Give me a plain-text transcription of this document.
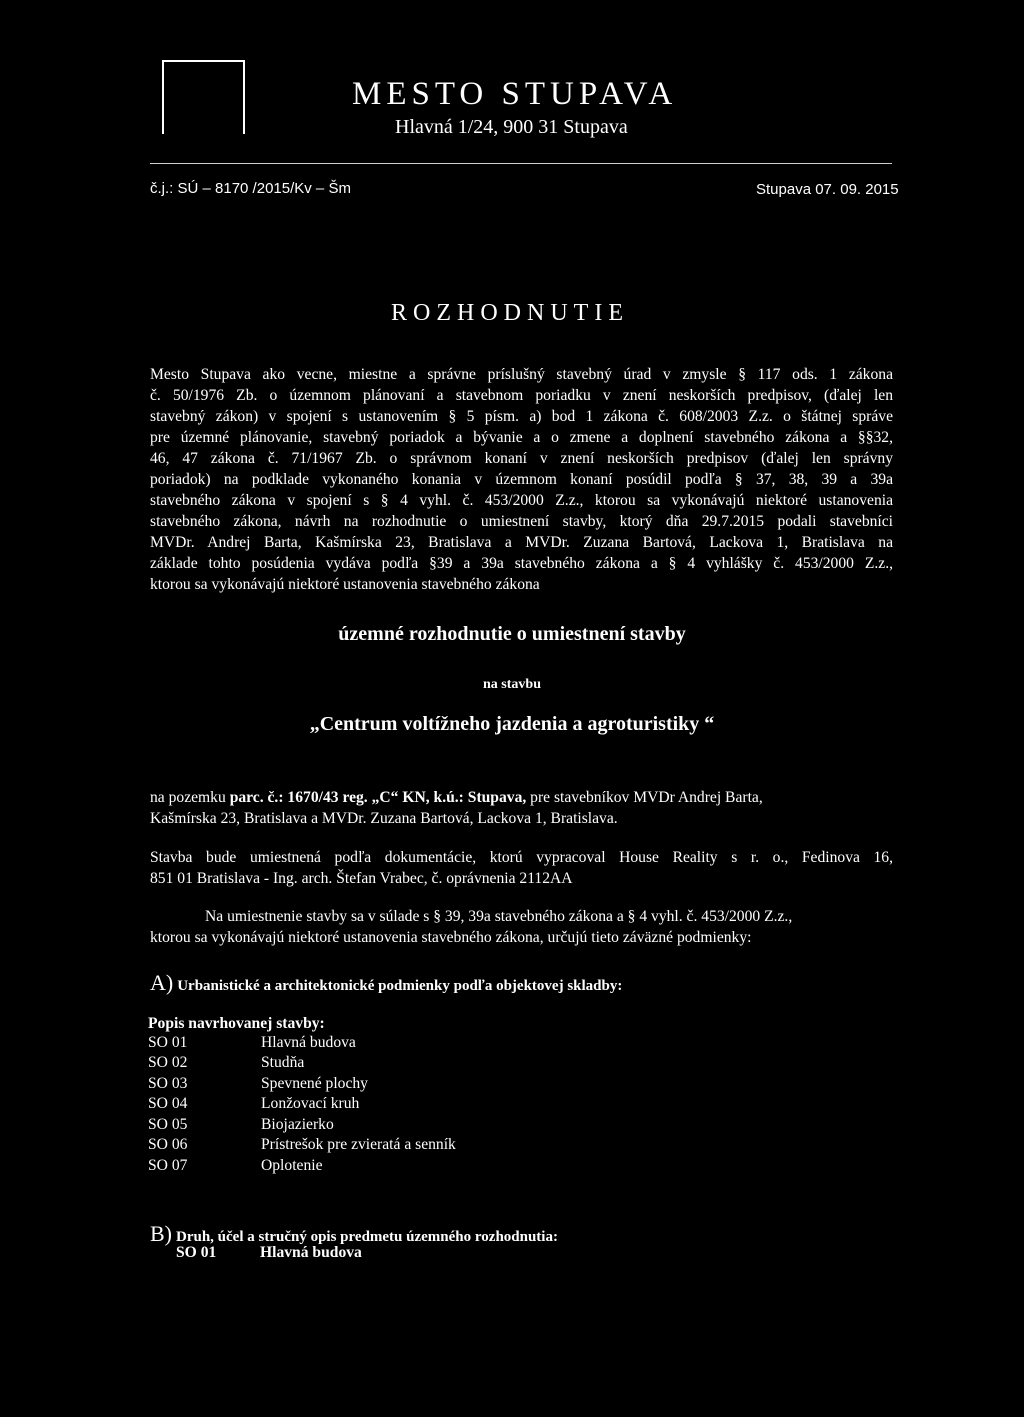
MESTO STUPAVA
Hlavná 1/24, 900 31 Stupava
č.j.: SÚ – 8170 /2015/Kv – Šm	Stupava 07. 09. 2015
ROZHODNUTIE
Mesto Stupava ako vecne, miestne a správne príslušný stavebný úrad v zmysle § 117 ods. 1 zákona
č. 50/1976 Zb. o územnom plánovaní a stavebnom poriadku v znení neskorších predpisov, (ďalej len
stavebný zákon) v spojení s ustanovením § 5 písm. a) bod 1 zákona č. 608/2003 Z.z. o štátnej správe
pre územné plánovanie, stavebný poriadok a bývanie a o zmene a doplnení stavebného zákona a §§32,
46, 47 zákona č. 71/1967 Zb. o správnom konaní v znení neskorších predpisov (ďalej len správny
poriadok) na podklade vykonaného konania v územnom konaní posúdil podľa § 37, 38, 39 a 39a
stavebného zákona v spojení s § 4 vyhl. č. 453/2000 Z.z., ktorou sa vykonávajú niektoré ustanovenia
stavebného zákona, návrh na rozhodnutie o umiestnení stavby, ktorý dňa 29.7.2015 podali stavebníci
MVDr. Andrej Barta, Kašmírska 23, Bratislava a MVDr. Zuzana Bartová, Lackova 1, Bratislava na
základe tohto posúdenia vydáva podľa §39 a 39a stavebného zákona a § 4 vyhlášky č. 453/2000 Z.z.,
ktorou sa vykonávajú niektoré ustanovenia stavebného zákona
územné rozhodnutie o umiestnení stavby
na stavbu
„Centrum voltížneho jazdenia a agroturistiky “
na pozemku parc. č.: 1670/43 reg. „C“ KN, k.ú.: Stupava, pre stavebníkov MVDr Andrej Barta,
Kašmírska 23, Bratislava a MVDr. Zuzana Bartová, Lackova 1, Bratislava.
Stavba bude umiestnená podľa dokumentácie, ktorú vypracoval House Reality s r. o., Fedinova 16,
851 01 Bratislava - Ing. arch. Štefan Vrabec, č. oprávnenia 2112AA
Na umiestnenie stavby sa v súlade s § 39, 39a stavebného zákona a § 4 vyhl. č. 453/2000 Z.z.,
ktorou sa vykonávajú niektoré ustanovenia stavebného zákona, určujú tieto záväzné podmienky:
A) Urbanistické a architektonické podmienky podľa objektovej skladby:
Popis navrhovanej stavby:
SO 01	Hlavná budova
SO 02	Studňa
SO 03	Spevnené plochy
SO 04	Lonžovací kruh
SO 05	Biojazierko
SO 06	Prístrešok pre zvieratá a senník
SO 07	Oplotenie
B) Druh, účel a stručný opis predmetu územného rozhodnutia:
SO 01	Hlavná budova
